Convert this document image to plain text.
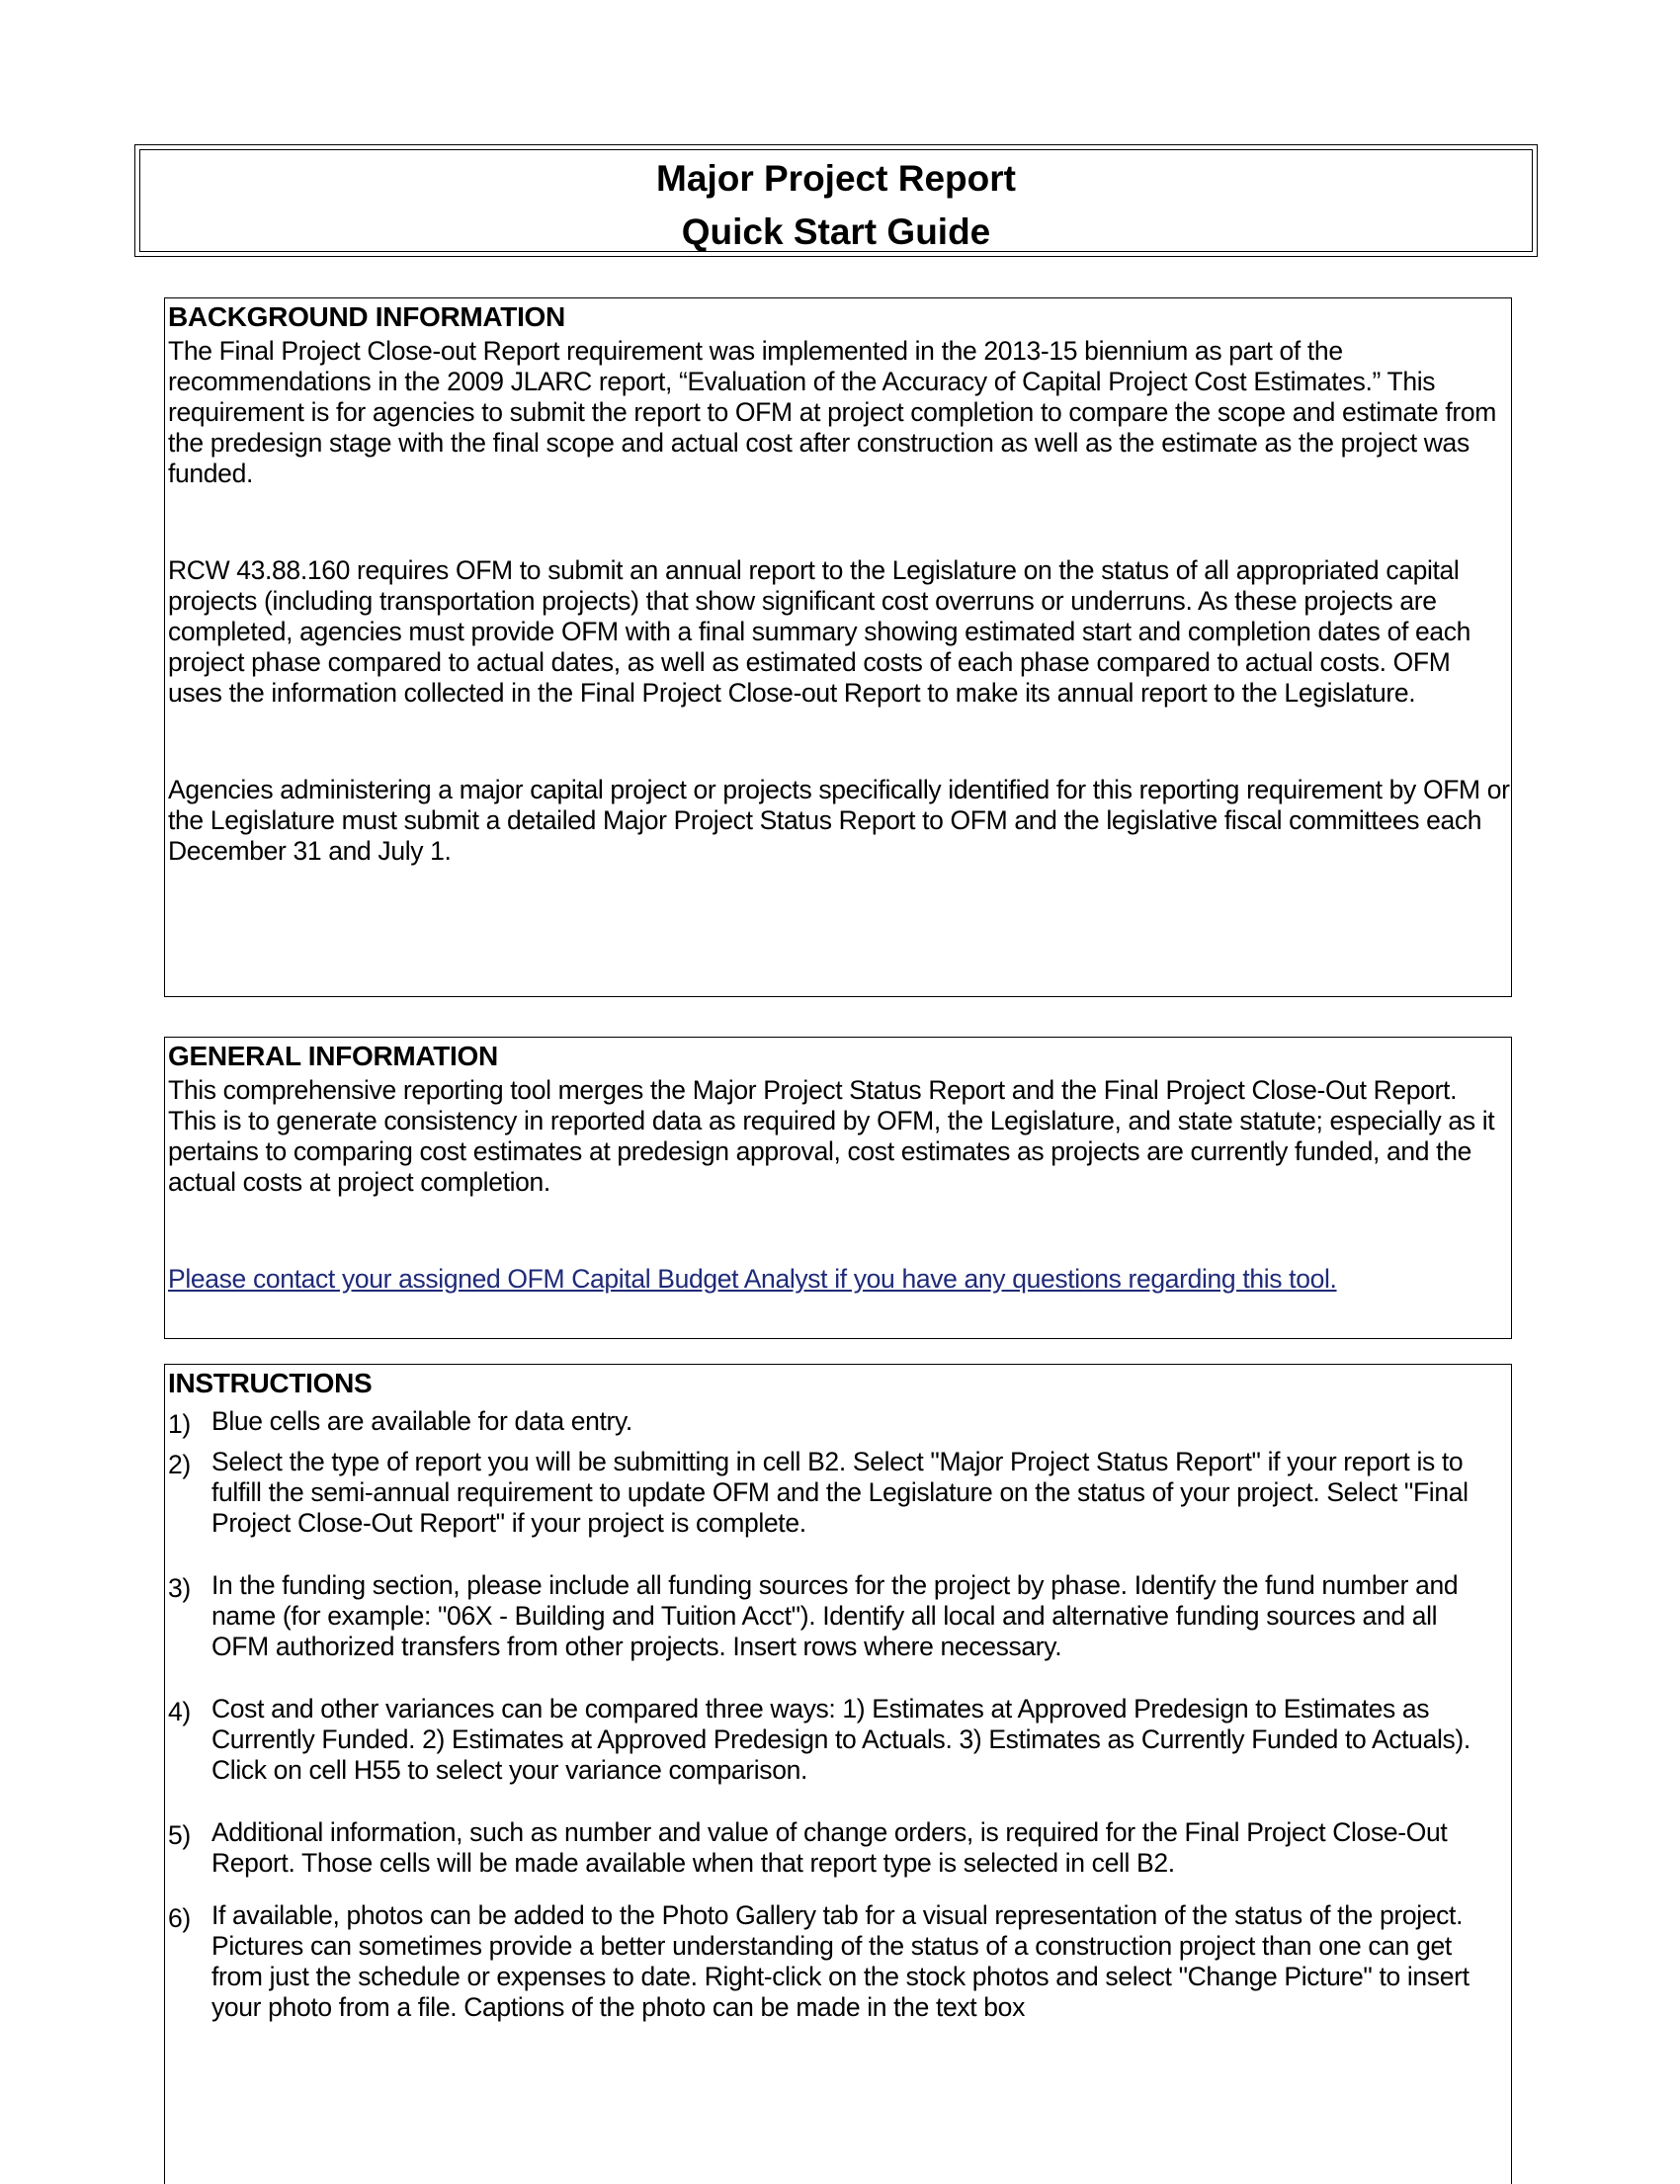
Major Project Report
Quick Start Guide
BACKGROUND INFORMATION

The Final Project Close-out Report requirement was implemented in the 2013-15 biennium as part of the recommendations in the 2009 JLARC report, “Evaluation of the Accuracy of Capital Project Cost Estimates.” This requirement is for agencies to submit the report to OFM at project completion to compare the scope and estimate from the predesign stage with the final scope and actual cost after construction as well as the estimate as the project was funded.

RCW 43.88.160 requires OFM to submit an annual report to the Legislature on the status of all appropriated capital projects (including transportation projects) that show significant cost overruns or underruns. As these projects are completed, agencies must provide OFM with a final summary showing estimated start and completion dates of each project phase compared to actual dates, as well as estimated costs of each phase compared to actual costs. OFM uses the information collected in the Final Project Close-out Report to make its annual report to the Legislature.

Agencies administering a major capital project or projects specifically identified for this reporting requirement by OFM or the Legislature must submit a detailed Major Project Status Report to OFM and the legislative fiscal committees each December 31 and July 1.

GENERAL INFORMATION

This comprehensive reporting tool merges the Major Project Status Report and the Final Project Close-Out Report. This is to generate consistency in reported data as required by OFM, the Legislature, and state statute; especially as it pertains to comparing cost estimates at predesign approval, cost estimates as projects are currently funded, and the actual costs at project completion.

Please contact your assigned OFM Capital Budget Analyst if you have any questions regarding this tool.

INSTRUCTIONS
1) Blue cells are available for data entry.
2) Select the type of report you will be submitting in cell B2. Select "Major Project Status Report" if your report is to fulfill the semi-annual requirement to update OFM and the Legislature on the status of your project. Select "Final Project Close-Out Report" if your project is complete.
3) In the funding section, please include all funding sources for the project by phase. Identify the fund number and name (for example: "06X - Building and Tuition Acct"). Identify all local and alternative funding sources and all OFM authorized transfers from other projects. Insert rows where necessary.
4) Cost and other variances can be compared three ways: 1) Estimates at Approved Predesign to Estimates as Currently Funded. 2) Estimates at Approved Predesign to Actuals. 3) Estimates as Currently Funded to Actuals). Click on cell H55 to select your variance comparison.
5) Additional information, such as number and value of change orders, is required for the Final Project Close-Out Report. Those cells will be made available when that report type is selected in cell B2.
6) If available, photos can be added to the Photo Gallery tab for a visual representation of the status of the project. Pictures can sometimes provide a better understanding of the status of a construction project than one can get from just the schedule or expenses to date. Right-click on the stock photos and select "Change Picture" to insert your photo from a file. Captions of the photo can be made in the text box
